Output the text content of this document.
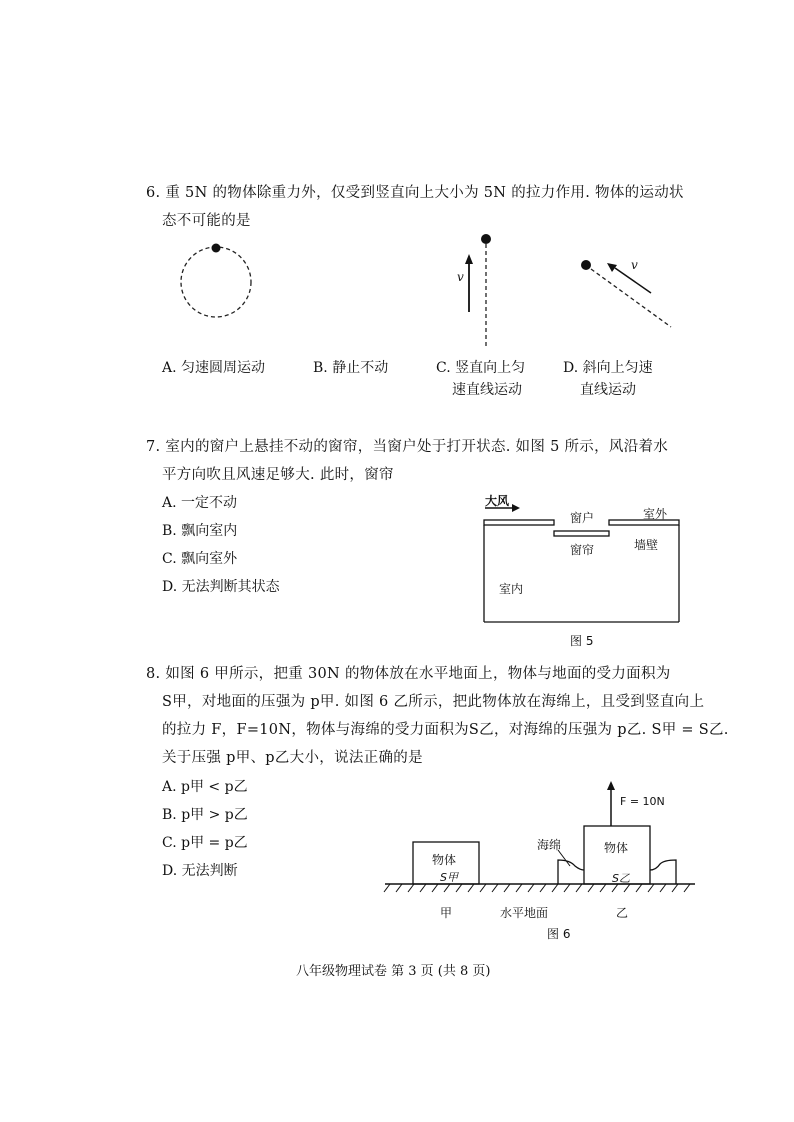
6. 重 5N 的物体除重力外，仅受到竖直向上大小为 5N 的拉力作用. 物体的运动状
态不可能的是
v
v
A. 匀速圆周运动	B. 静止不动	C. 竖直向上匀
速直线运动
D. 斜向上匀速
直线运动
7. 室内的窗户上悬挂不动的窗帘，当窗户处于打开状态. 如图 5 所示，风沿着水
平方向吹且风速足够大. 此时，窗帘
A. 一定不动
B. 飘向室内
C. 飘向室外
D. 无法判断其状态
大风
窗户	室外
窗帘	墙壁
室内
图 5
8. 如图 6 甲所示，把重 30N 的物体放在水平地面上，物体与地面的受力面积为
S甲，对地面的压强为 p甲. 如图 6 乙所示，把此物体放在海绵上，且受到竖直向上
的拉力 F，F=10N，物体与海绵的受力面积为S乙，对海绵的压强为 p乙. S甲 = S乙.
关于压强 p甲、p乙大小，说法正确的是
A. p甲 < p乙
B. p甲 > p乙
C. p甲 = p乙
D. 无法判断
F = 10N
海绵
物体
S甲
物体
S乙
甲	水平地面	乙
图 6
八年级物理试卷 第 3 页 (共 8 页)
